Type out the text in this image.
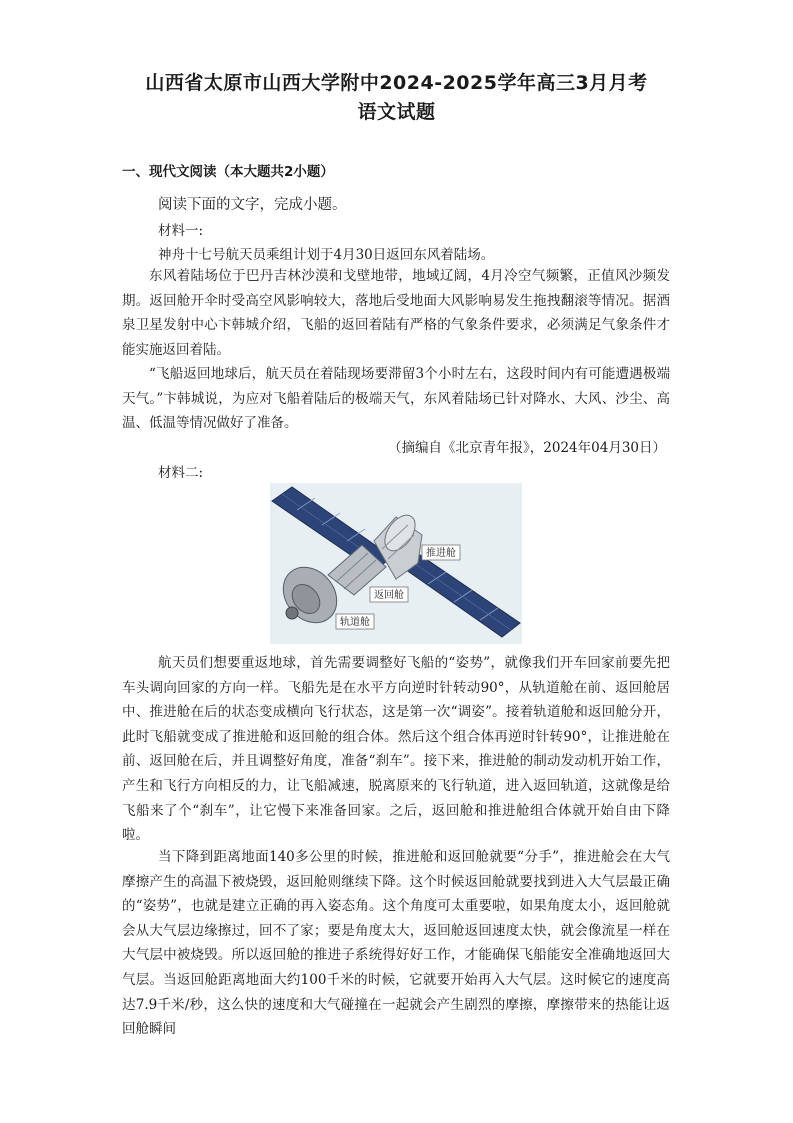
山西省太原市山西大学附中2024-2025学年高三3月月考
语文试题
一、现代文阅读（本大题共2小题）
阅读下面的文字，完成小题。
材料一:
神舟十七号航天员乘组计划于4月30日返回东风着陆场。
东风着陆场位于巴丹吉林沙漠和戈壁地带，地域辽阔，4月冷空气频繁，正值风沙频发期。返回舱开伞时受高空风影响较大，落地后受地面大风影响易发生拖拽翻滚等情况。据酒泉卫星发射中心卞韩城介绍，飞船的返回着陆有严格的气象条件要求，必须满足气象条件才能实施返回着陆。
“飞船返回地球后，航天员在着陆现场要滞留3个小时左右，这段时间内有可能遭遇极端天气。”卞韩城说，为应对飞船着陆后的极端天气，东风着陆场已针对降水、大风、沙尘、高温、低温等情况做好了准备。
（摘编自《北京青年报》，2024年04月30日）
材料二:
推进舱
返回舱
轨道舱
航天员们想要重返地球，首先需要调整好飞船的“姿势”，就像我们开车回家前要先把车头调向回家的方向一样。飞船先是在水平方向逆时针转动90°，从轨道舱在前、返回舱居中、推进舱在后的状态变成横向飞行状态，这是第一次“调姿”。接着轨道舱和返回舱分开，此时飞船就变成了推进舱和返回舱的组合体。然后这个组合体再逆时针转90°，让推进舱在前、返回舱在后，并且调整好角度，准备“刹车”。接下来，推进舱的制动发动机开始工作，产生和飞行方向相反的力，让飞船减速，脱离原来的飞行轨道，进入返回轨道，这就像是给飞船来了个“刹车”，让它慢下来准备回家。之后，返回舱和推进舱组合体就开始自由下降啦。
当下降到距离地面140多公里的时候，推进舱和返回舱就要“分手”，推进舱会在大气摩擦产生的高温下被烧毁，返回舱则继续下降。这个时候返回舱就要找到进入大气层最正确的“姿势”，也就是建立正确的再入姿态角。这个角度可太重要啦，如果角度太小，返回舱就会从大气层边缘擦过，回不了家；要是角度太大，返回舱返回速度太快，就会像流星一样在大气层中被烧毁。所以返回舱的推进子系统得好好工作，才能确保飞船能安全准确地返回大气层。当返回舱距离地面大约100千米的时候，它就要开始再入大气层。这时候它的速度高达7.9千米/秒，这么快的速度和大气碰撞在一起就会产生剧烈的摩擦，摩擦带来的热能让返回舱瞬间
